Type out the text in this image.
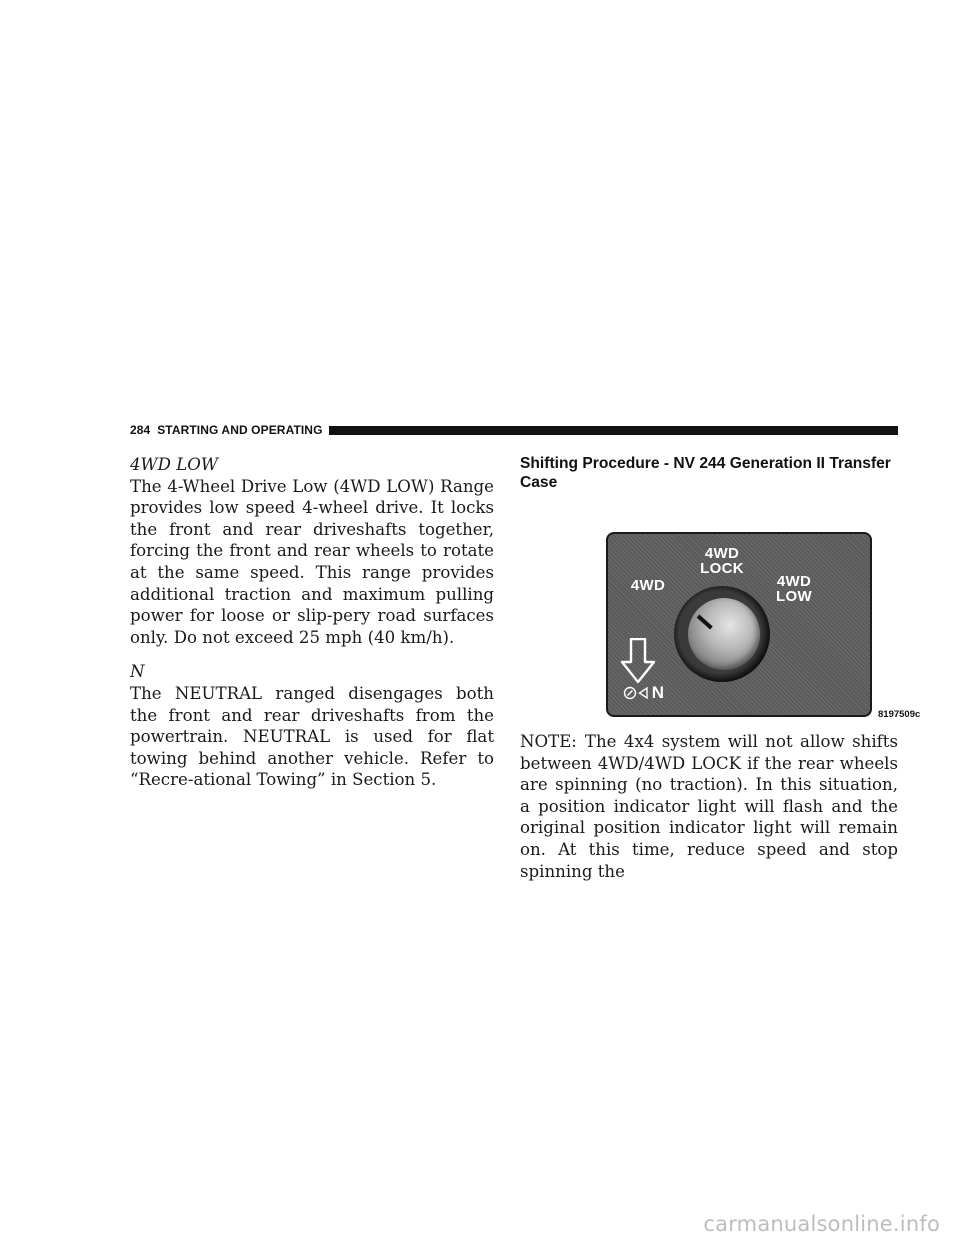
284 STARTING AND OPERATING

4WD LOW

The 4-Wheel Drive Low (4WD LOW) Range provides low speed 4-wheel drive. It locks the front and rear driveshafts together, forcing the front and rear wheels to rotate at the same speed. This range provides additional traction and maximum pulling power for loose or slip-pery road surfaces only. Do not exceed 25 mph (40 km/h).

N

The NEUTRAL ranged disengages both the front and rear driveshafts from the powertrain. NEUTRAL is used for flat towing behind another vehicle. Refer to “Recre-ational Towing” in Section 5.

Shifting Procedure - NV 244 Generation II Transfer Case

4WD
LOCK
4WD	4WD
LOW
N
8197509c

NOTE: The 4x4 system will not allow shifts between 4WD/4WD LOCK if the rear wheels are spinning (no traction). In this situation, a position indicator light will flash and the original position indicator light will remain on. At this time, reduce speed and stop spinning the

carmanualsonline.info
